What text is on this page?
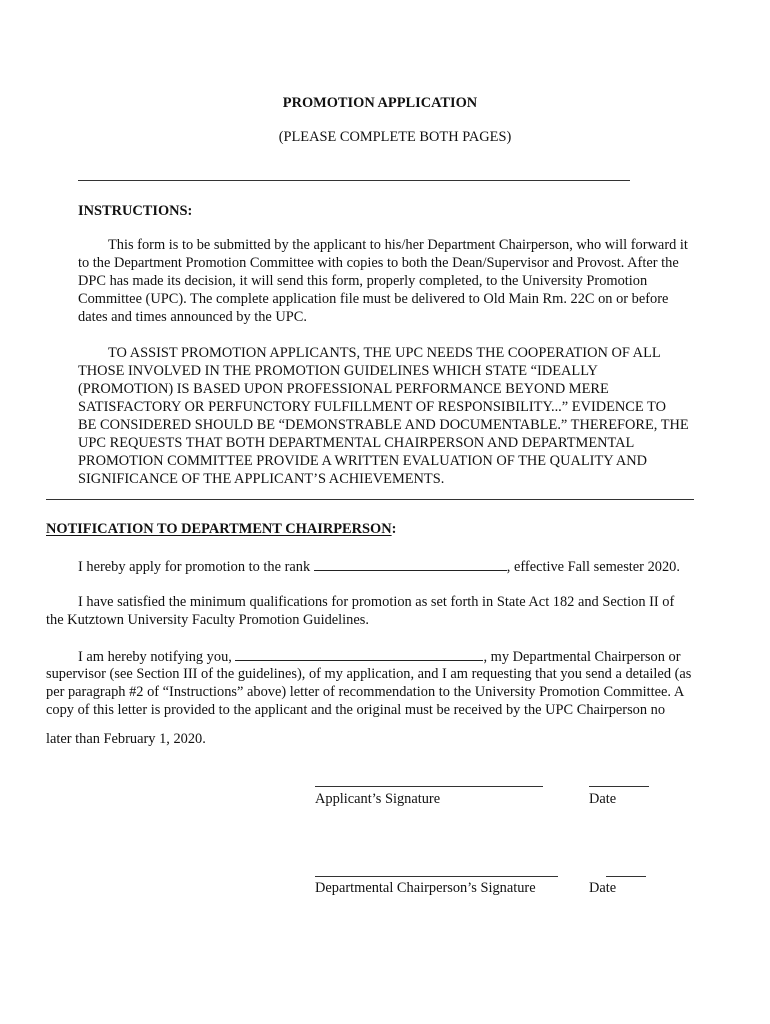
PROMOTION APPLICATION
(PLEASE COMPLETE BOTH PAGES)
INSTRUCTIONS:
This form is to be submitted by the applicant to his/her Department Chairperson, who will forward it
to the Department Promotion Committee with copies to both the Dean/Supervisor and Provost. After the
DPC has made its decision, it will send this form, properly completed, to the University Promotion
Committee (UPC). The complete application file must be delivered to Old Main Rm. 22C on or before
dates and times announced by the UPC.
TO ASSIST PROMOTION APPLICANTS, THE UPC NEEDS THE COOPERATION OF ALL
THOSE INVOLVED IN THE PROMOTION GUIDELINES WHICH STATE “IDEALLY
(PROMOTION) IS BASED UPON PROFESSIONAL PERFORMANCE BEYOND MERE
SATISFACTORY OR PERFUNCTORY FULFILLMENT OF RESPONSIBILITY...” EVIDENCE TO
BE CONSIDERED SHOULD BE “DEMONSTRABLE AND DOCUMENTABLE.” THEREFORE, THE
UPC REQUESTS THAT BOTH DEPARTMENTAL CHAIRPERSON AND DEPARTMENTAL
PROMOTION COMMITTEE PROVIDE A WRITTEN EVALUATION OF THE QUALITY AND
SIGNIFICANCE OF THE APPLICANT’S ACHIEVEMENTS.
NOTIFICATION TO DEPARTMENT CHAIRPERSON:
I hereby apply for promotion to the rank	, effective Fall semester 2020.
I have satisfied the minimum qualifications for promotion as set forth in State Act 182 and Section II of
the Kutztown University Faculty Promotion Guidelines.
I am hereby notifying you,	, my Departmental Chairperson or
supervisor (see Section III of the guidelines), of my application, and I am requesting that you send a detailed (as
per paragraph #2 of “Instructions” above) letter of recommendation to the University Promotion Committee. A
copy of this letter is provided to the applicant and the original must be received by the UPC Chairperson no
later than February 1, 2020.
Applicant’s Signature	Date
Departmental Chairperson’s Signature	Date
